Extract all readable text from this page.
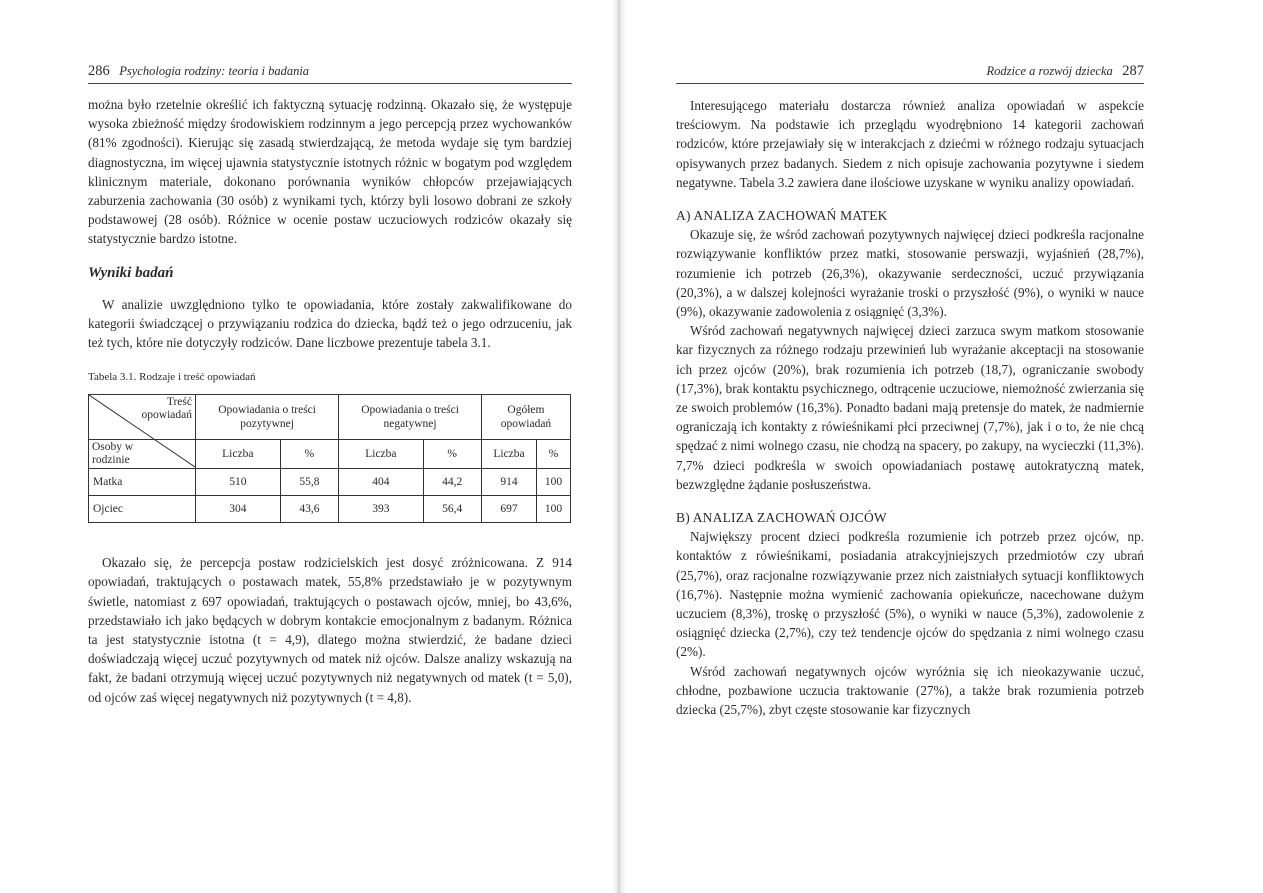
286 Psychologia rodziny: teoria i badania

można było rzetelnie określić ich faktyczną sytuację rodzinną. Okazało się, że występuje wysoka zbieżność między środowiskiem rodzinnym a jego percepcją przez wychowanków (81% zgodności). Kierując się zasadą stwierdzającą, że metoda wydaje się tym bardziej diagnostyczna, im więcej ujawnia statystycznie istotnych różnic w bogatym pod względem klinicznym materiale, dokonano porównania wyników chłopców przejawiających zaburzenia zachowania (30 osób) z wynikami tych, którzy byli losowo dobrani ze szkoły podstawowej (28 osób). Różnice w ocenie postaw uczuciowych rodziców okazały się statystycznie bardzo istotne.

Wyniki badań

W analizie uwzględniono tylko te opowiadania, które zostały zakwalifikowane do kategorii świadczącej o przywiązaniu rodzica do dziecka, bądź też o jego odrzuceniu, jak też tych, które nie dotyczyły rodziców. Dane liczbowe prezentuje tabela 3.1.

Tabela 3.1. Rodzaje i treść opowiadań
Treść opowiadań	Opowiadania o treści pozytywnej		Opowiadania o treści negatywnej		Ogółem opowiadań	

Osoby w rodzinie	Liczba	%	Liczba	%	Liczba	%
Matka	510	55,8	404	44,2	914	100
Ojciec	304	43,6	393	56,4	697	100

Okazało się, że percepcja postaw rodzicielskich jest dosyć zróżnicowana. Z 914 opowiadań, traktujących o postawach matek, 55,8% przedstawiało je w pozytywnym świetle, natomiast z 697 opowiadań, traktujących o postawach ojców, mniej, bo 43,6%, przedstawiało ich jako będących w dobrym kontakcie emocjonalnym z badanym. Różnica ta jest statystycznie istotna (t = 4,9), dlatego można stwierdzić, że badane dzieci doświadczają więcej uczuć pozytywnych od matek niż ojców. Dalsze analizy wskazują na fakt, że badani otrzymują więcej uczuć pozytywnych niż negatywnych od matek (t = 5,0), od ojców zaś więcej negatywnych niż pozytywnych (t = 4,8).

Rodzice a rozwój dziecka 287

Interesującego materiału dostarcza również analiza opowiadań w aspekcie treściowym. Na podstawie ich przeglądu wyodrębniono 14 kategorii zachowań rodziców, które przejawiały się w interakcjach z dziećmi w różnego rodzaju sytuacjach opisywanych przez badanych. Siedem z nich opisuje zachowania pozytywne i siedem negatywne. Tabela 3.2 zawiera dane ilościowe uzyskane w wyniku analizy opowiadań.

A) ANALIZA ZACHOWAŃ MATEK

Okazuje się, że wśród zachowań pozytywnych najwięcej dzieci podkreśla racjonalne rozwiązywanie konfliktów przez matki, stosowanie perswazji, wyjaśnień (28,7%), rozumienie ich potrzeb (26,3%), okazywanie serdeczności, uczuć przywiązania (20,3%), a w dalszej kolejności wyrażanie troski o przyszłość (9%), o wyniki w nauce (9%), okazywanie zadowolenia z osiągnięć (3,3%).

Wśród zachowań negatywnych najwięcej dzieci zarzuca swym matkom stosowanie kar fizycznych za różnego rodzaju przewinień lub wyrażanie akceptacji na stosowanie ich przez ojców (20%), brak rozumienia ich potrzeb (18,7), ograniczanie swobody (17,3%), brak kontaktu psychicznego, odtrącenie uczuciowe, niemożność zwierzania się ze swoich problemów (16,3%). Ponadto badani mają pretensje do matek, że nadmiernie ograniczają ich kontakty z rówieśnikami płci przeciwnej (7,7%), jak i o to, że nie chcą spędzać z nimi wolnego czasu, nie chodzą na spacery, po zakupy, na wycieczki (11,3%). 7,7% dzieci podkreśla w swoich opowiadaniach postawę autokratyczną matek, bezwzględne żądanie posłuszeństwa.

B) ANALIZA ZACHOWAŃ OJCÓW

Największy procent dzieci podkreśla rozumienie ich potrzeb przez ojców, np. kontaktów z rówieśnikami, posiadania atrakcyjniejszych przedmiotów czy ubrań (25,7%), oraz racjonalne rozwiązywanie przez nich zaistniałych sytuacji konfliktowych (16,7%). Następnie można wymienić zachowania opiekuńcze, nacechowane dużym uczuciem (8,3%), troskę o przyszłość (5%), o wyniki w nauce (5,3%), zadowolenie z osiągnięć dziecka (2,7%), czy też tendencje ojców do spędzania z nimi wolnego czasu (2%).

Wśród zachowań negatywnych ojców wyróżnia się ich nieokazywanie uczuć, chłodne, pozbawione uczucia traktowanie (27%), a także brak rozumienia potrzeb dziecka (25,7%), zbyt częste stosowanie kar fizycznych
